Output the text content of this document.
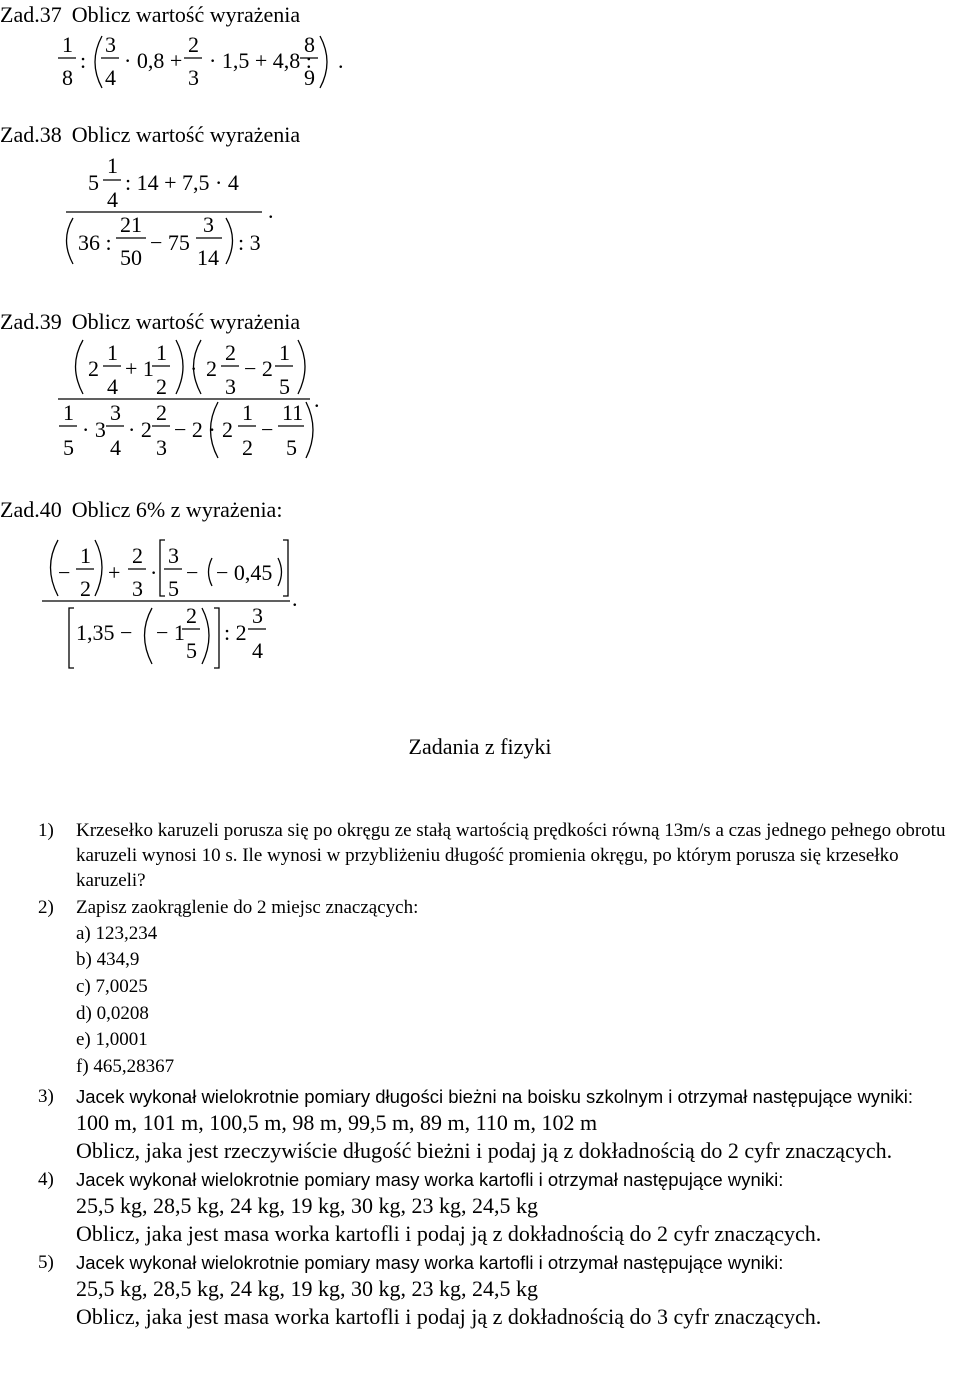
Zad.37 Oblicz wartość wyrażenia
1
8
:
3
4
· 0,8 +
2
3
· 1,5 + 4,8 :
8
9
.
Zad.38 Oblicz wartość wyrażenia
5
1
4
: 14 + 7,5 · 4
.
36 :
21
50
− 75
3
14
: 3
Zad.39 Oblicz wartość wyrażenia
2
1
4
+ 1
1
2
· 2
2
3
− 2
1
5
.
1
5
· 3
3
4
· 2
2
3
− 2 · 2
1
2
−
11
5
Zad.40 Oblicz 6% z wyrażenia:
−
1
2
+
2
3
·
3
5
− − 0,45
.
1,35 − − 1
2
5
: 2
3
4
Zadania z fizyki
1) Krzesełko karuzeli porusza się po okręgu ze stałą wartością prędkości równą 13m/s a czas jednego pełnego obrotu karuzeli wynosi 10 s. Ile wynosi w przybliżeniu długość promienia okręgu, po którym porusza się krzesełko karuzeli?

2) Zapisz zaokrąglenie do 2 miejsc znaczących:

a) 123,234
b) 434,9
c) 7,0025
d) 0,0208
e) 1,0001
f) 465,28367
3) Jacek wykonał wielokrotnie pomiary długości bieżni na boisku szkolnym i otrzymał następujące wyniki:

100 m, 101 m, 100,5 m, 98 m, 99,5 m, 89 m, 110 m, 102 m

Oblicz, jaka jest rzeczywiście długość bieżni i podaj ją z dokładnością do 2 cyfr znaczących.

4) Jacek wykonał wielokrotnie pomiary masy worka kartofli i otrzymał następujące wyniki:

25,5 kg, 28,5 kg, 24 kg, 19 kg, 30 kg, 23 kg, 24,5 kg

Oblicz, jaka jest masa worka kartofli i podaj ją z dokładnością do 2 cyfr znaczących.

5) Jacek wykonał wielokrotnie pomiary masy worka kartofli i otrzymał następujące wyniki:

25,5 kg, 28,5 kg, 24 kg, 19 kg, 30 kg, 23 kg, 24,5 kg

Oblicz, jaka jest masa worka kartofli i podaj ją z dokładnością do 3 cyfr znaczących.
